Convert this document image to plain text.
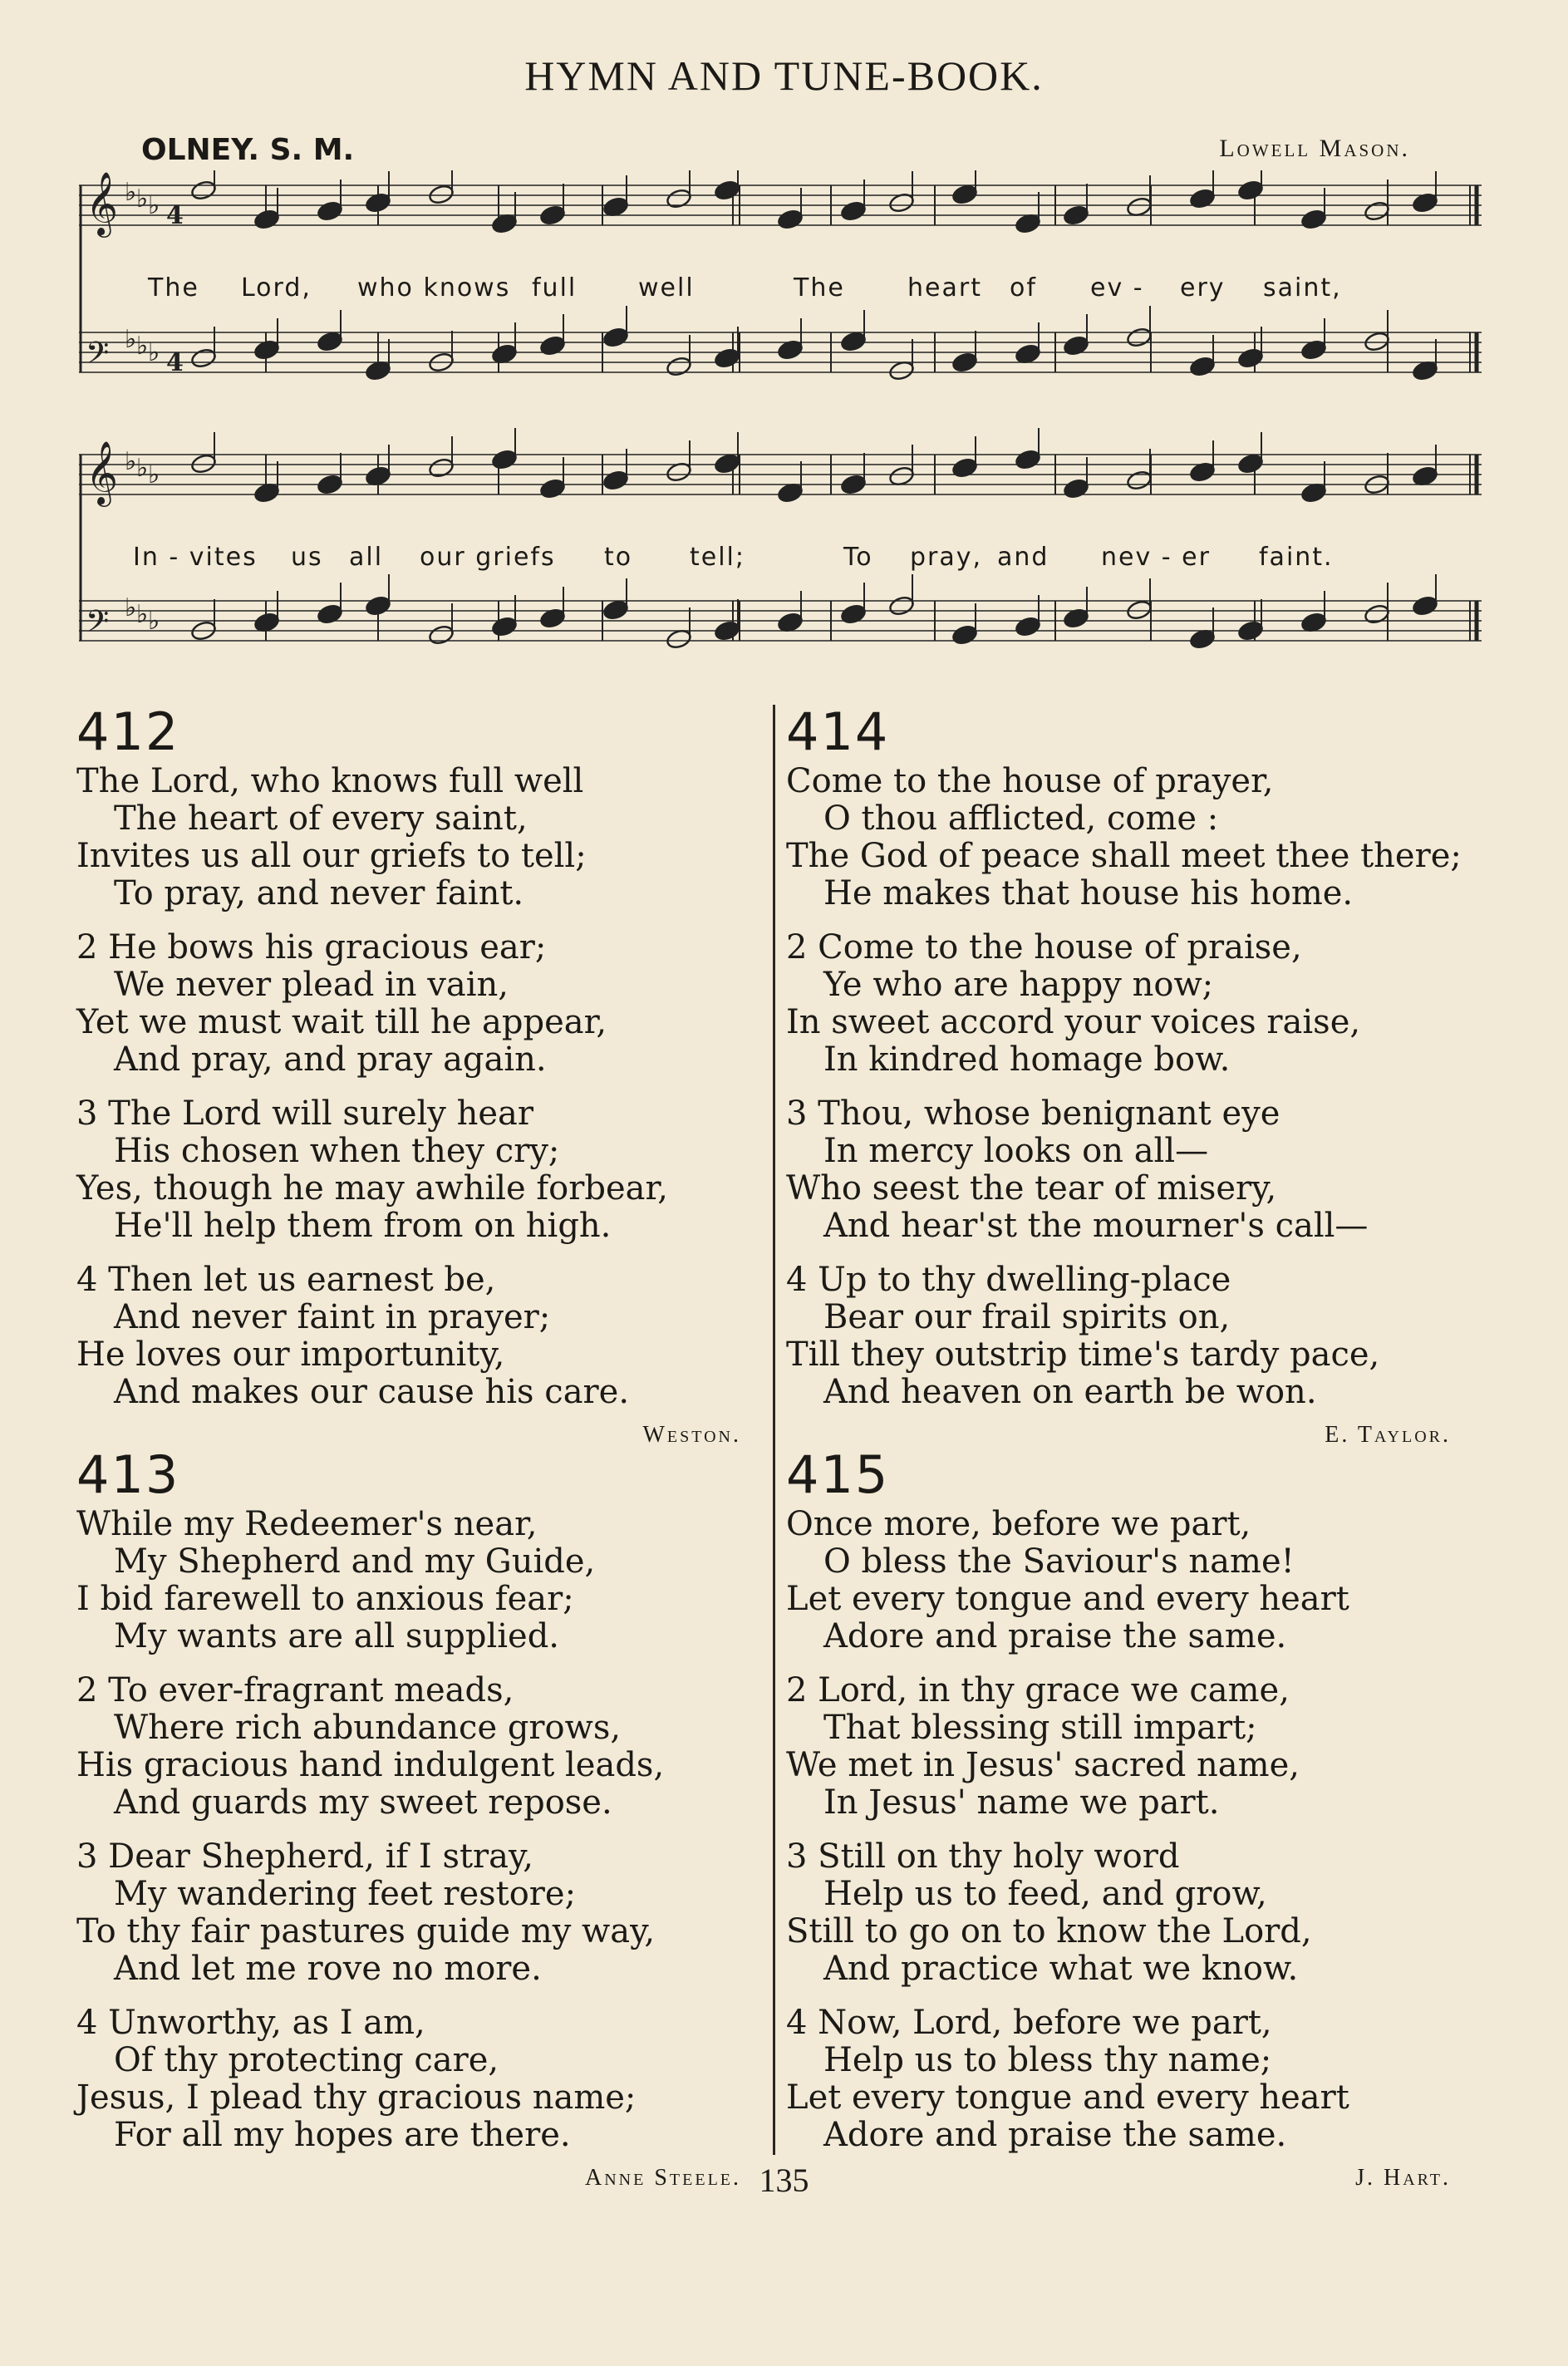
HYMN AND TUNE-BOOK.
OLNEY. S. M.	Lowell Mason.
𝄞 ♭ ♭ ♭ 4
𝄢 ♭ ♭ ♭ 4
𝄞 ♭ ♭ ♭
𝄢 ♭ ♭ ♭
The Lord, who knows full well	The	heart of ev - ery saint,
In - vites us all our griefs to tell;	To pray, and nev - er faint.
412

The Lord, who knows full well

The heart of every saint,

Invites us all our griefs to tell;

To pray, and never faint.

2 He bows his gracious ear;

We never plead in vain,

Yet we must wait till he appear,

And pray, and pray again.

3 The Lord will surely hear

His chosen when they cry;

Yes, though he may awhile forbear,

He'll help them from on high.

4 Then let us earnest be,

And never faint in prayer;

He loves our importunity,

And makes our cause his care.

Weston.
413

While my Redeemer's near,

My Shepherd and my Guide,

I bid farewell to anxious fear;

My wants are all supplied.

2 To ever-fragrant meads,

Where rich abundance grows,

His gracious hand indulgent leads,

And guards my sweet repose.

3 Dear Shepherd, if I stray,

My wandering feet restore;

To thy fair pastures guide my way,

And let me rove no more.

4 Unworthy, as I am,

Of thy protecting care,

Jesus, I plead thy gracious name;

For all my hopes are there.

Anne Steele.
414

Come to the house of prayer,

O thou afflicted, come :

The God of peace shall meet thee there;

He makes that house his home.

2 Come to the house of praise,

Ye who are happy now;

In sweet accord your voices raise,

In kindred homage bow.

3 Thou, whose benignant eye

In mercy looks on all—

Who seest the tear of misery,

And hear'st the mourner's call—

4 Up to thy dwelling-place

Bear our frail spirits on,

Till they outstrip time's tardy pace,

And heaven on earth be won.

E. Taylor.
415

Once more, before we part,

O bless the Saviour's name!

Let every tongue and every heart

Adore and praise the same.

2 Lord, in thy grace we came,

That blessing still impart;

We met in Jesus' sacred name,

In Jesus' name we part.

3 Still on thy holy word

Help us to feed, and grow,

Still to go on to know the Lord,

And practice what we know.

4 Now, Lord, before we part,

Help us to bless thy name;

Let every tongue and every heart

Adore and praise the same.

J. Hart.
135
